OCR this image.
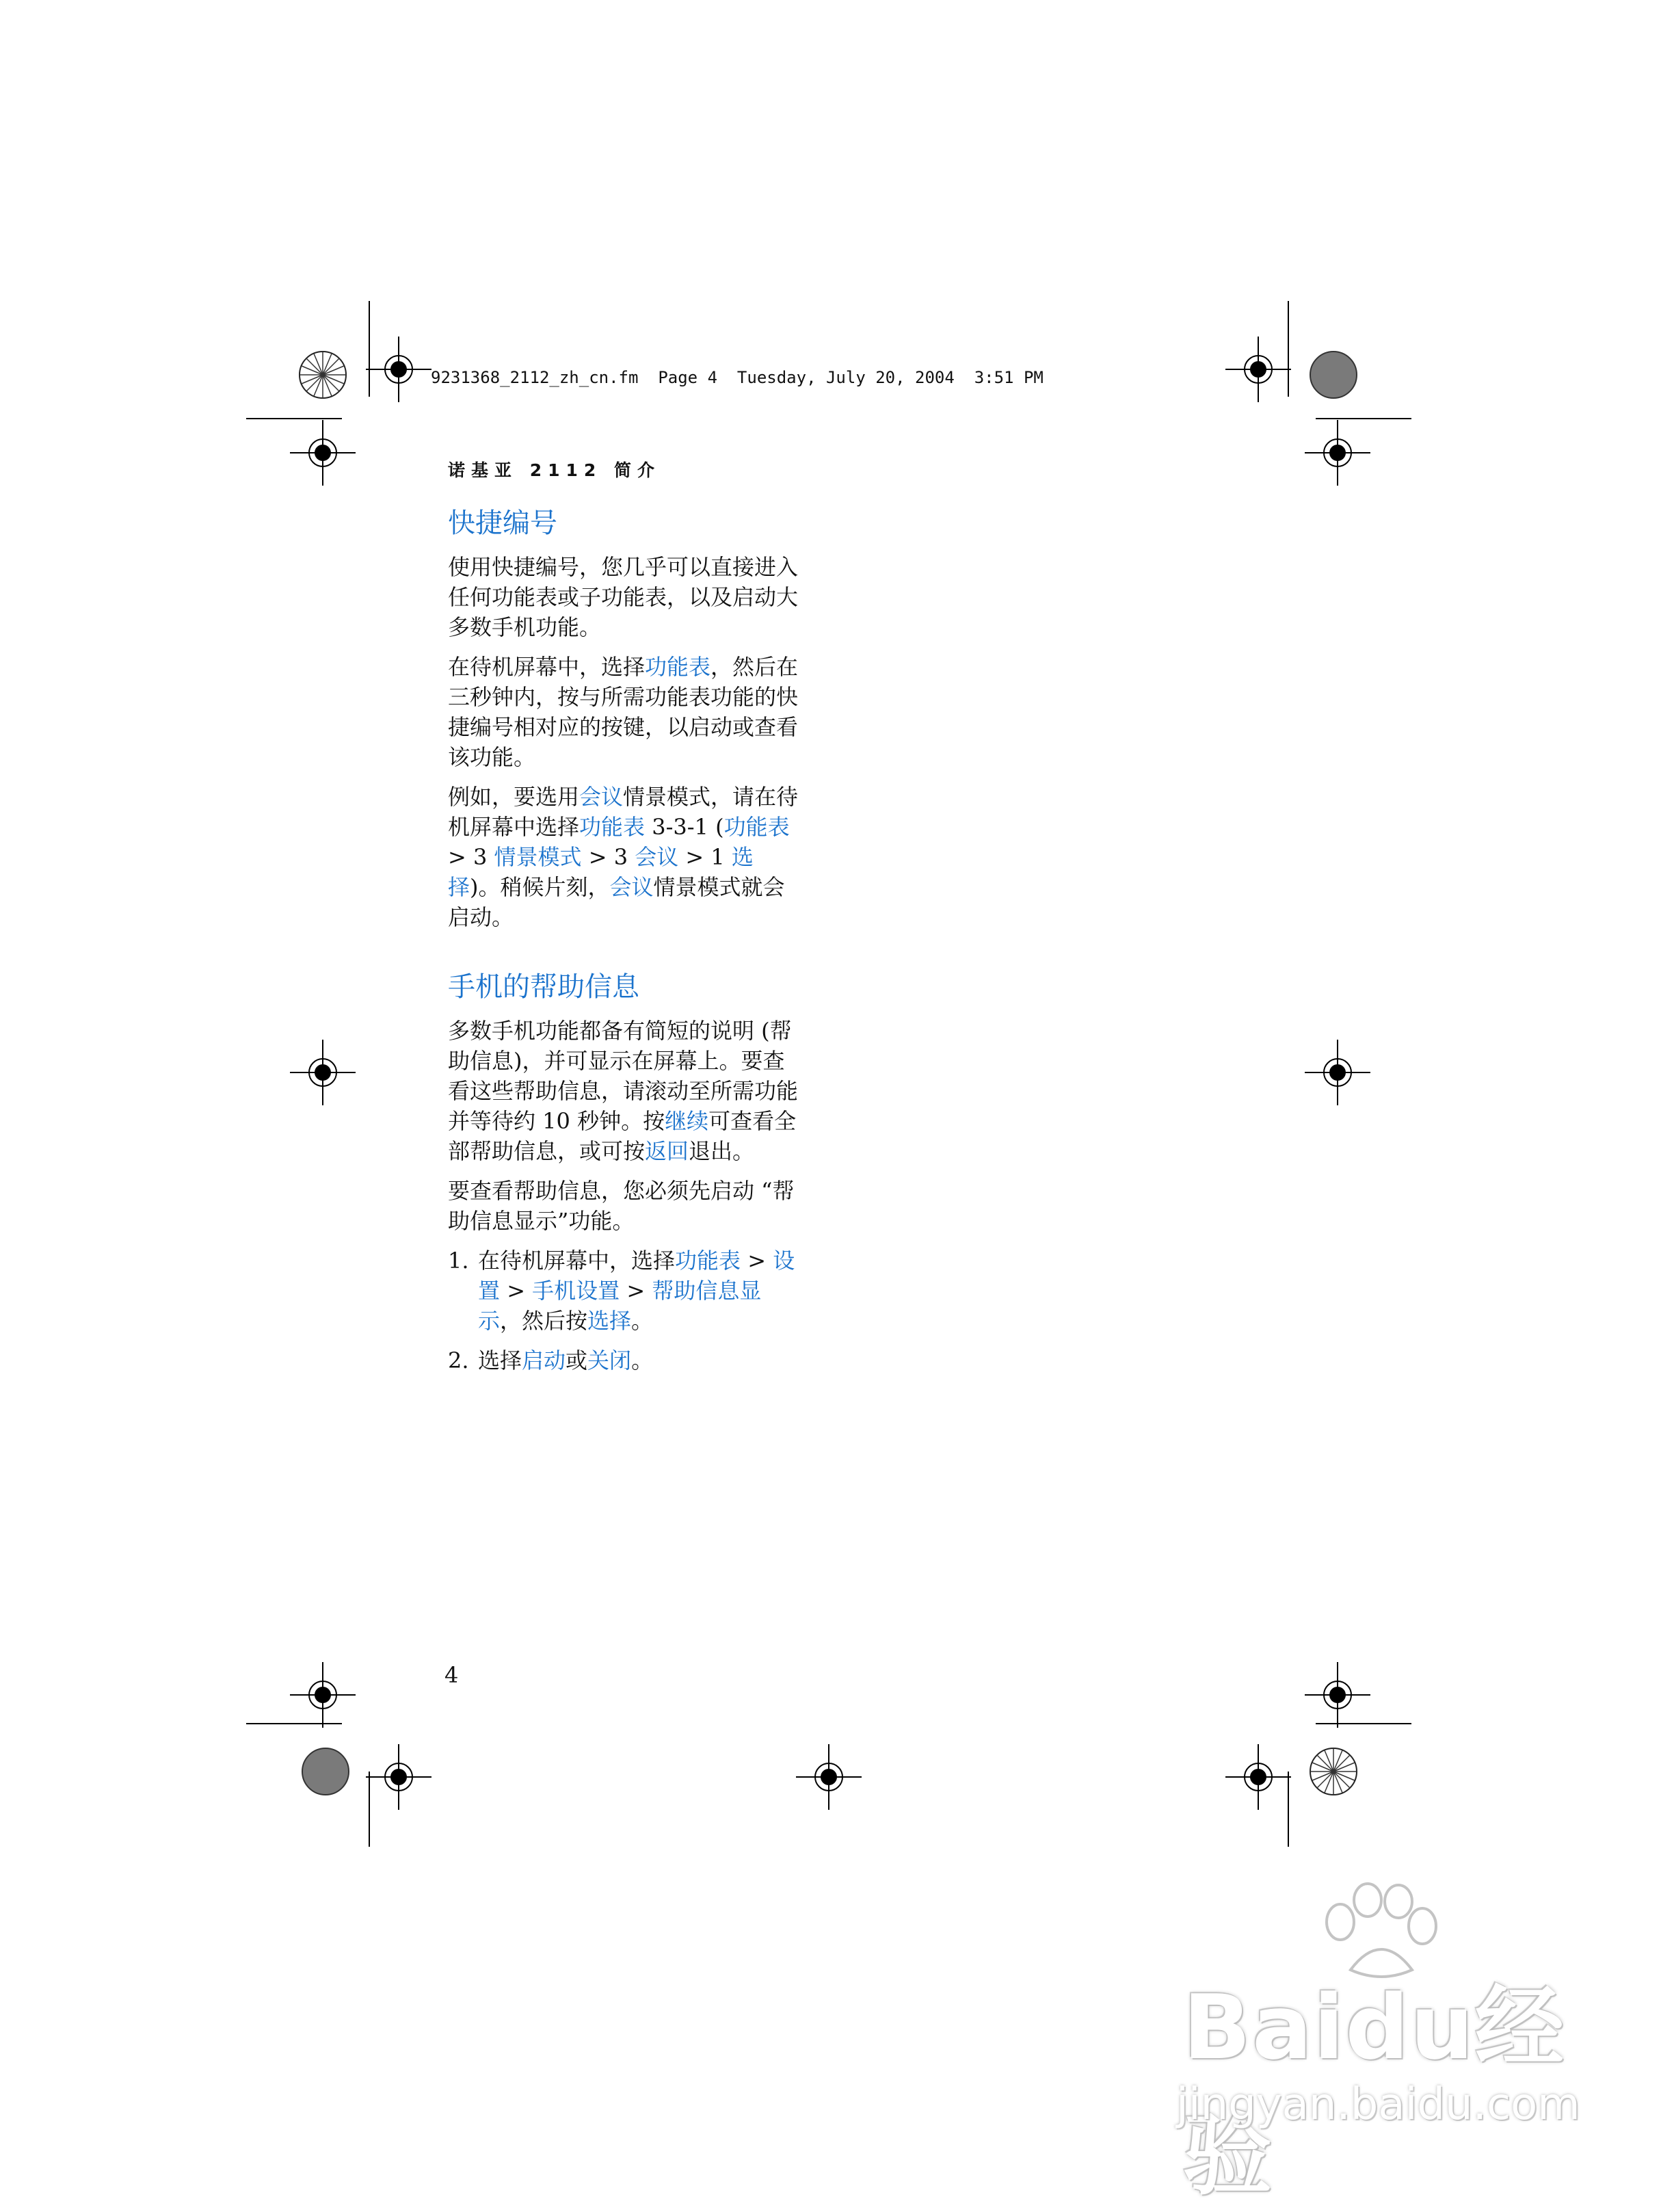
9231368_2112_zh_cn.fm  Page 4  Tuesday, July 20, 2004  3:51 PM
诺基亚 2112 简介
快捷编号

使用快捷编号，您几乎可以直接进入任何功能表或子功能表，以及启动大多数手机功能。

在待机屏幕中，选择功能表，然后在三秒钟内，按与所需功能表功能的快捷编号相对应的按键，以启动或查看该功能。

例如，要选用会议情景模式，请在待机屏幕中选择功能表 3-3-1 (功能表 > 3 情景模式 > 3 会议 > 1 选择)。稍候片刻，会议情景模式就会启动。

手机的帮助信息

多数手机功能都备有简短的说明 (帮助信息)，并可显示在屏幕上。要查看这些帮助信息，请滚动至所需功能并等待约 10 秒钟。按继续可查看全部帮助信息，或可按返回退出。

要查看帮助信息，您必须先启动 “帮助信息显示”功能。

1. 在待机屏幕中，选择功能表 > 设置 > 手机设置 > 帮助信息显示，然后按选择。
2. 选择启动或关闭。
4
Baidu经验
jingyan.baidu.com
